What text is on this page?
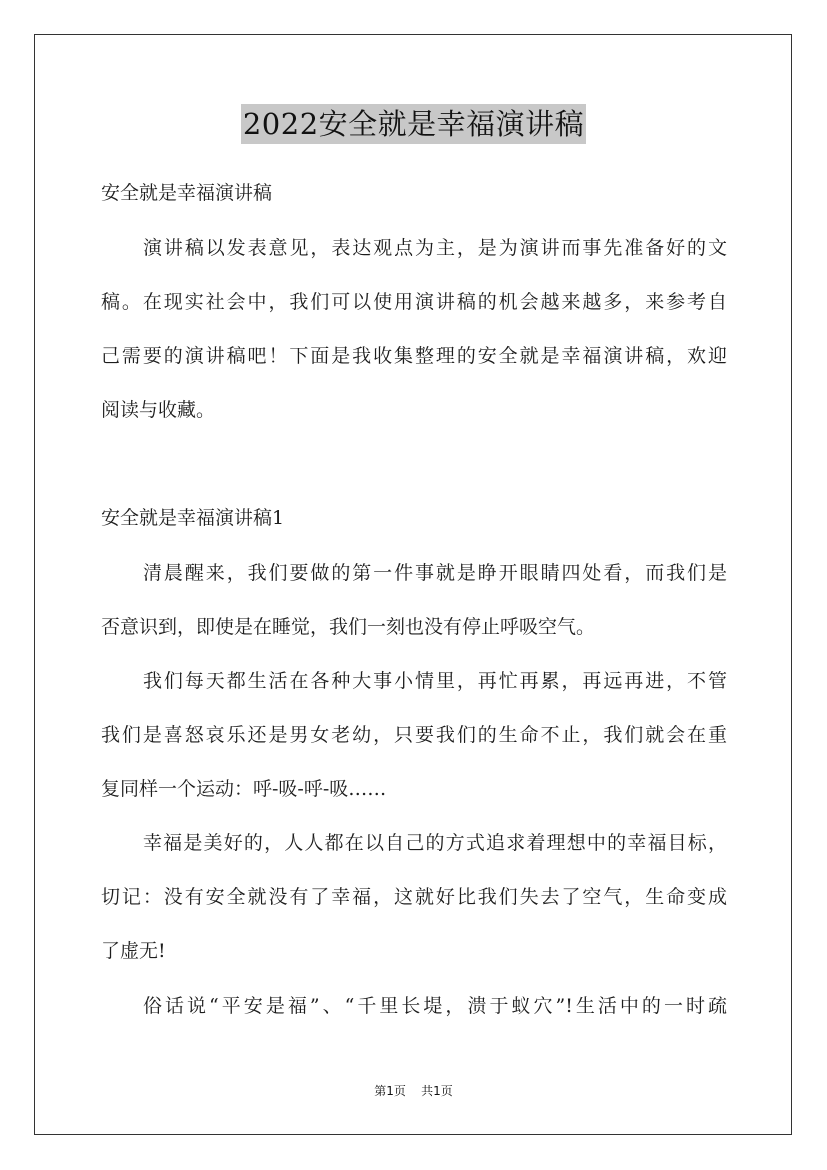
2022安全就是幸福演讲稿
安全就是幸福演讲稿
演讲稿以发表意见，表达观点为主，是为演讲而事先准备好的文
稿。在现实社会中，我们可以使用演讲稿的机会越来越多，来参考自
己需要的演讲稿吧！下面是我收集整理的安全就是幸福演讲稿，欢迎
阅读与收藏。
安全就是幸福演讲稿1
清晨醒来，我们要做的第一件事就是睁开眼睛四处看，而我们是
否意识到，即使是在睡觉，我们一刻也没有停止呼吸空气。
我们每天都生活在各种大事小情里，再忙再累，再远再进，不管
我们是喜怒哀乐还是男女老幼，只要我们的生命不止，我们就会在重
复同样一个运动：呼-吸-呼-吸……
幸福是美好的，人人都在以自己的方式追求着理想中的幸福目标，
切记：没有安全就没有了幸福，这就好比我们失去了空气，生命变成
了虚无!
俗话说“平安是福”、“千里长堤，溃于蚁穴”!生活中的一时疏
第1页 共1页
